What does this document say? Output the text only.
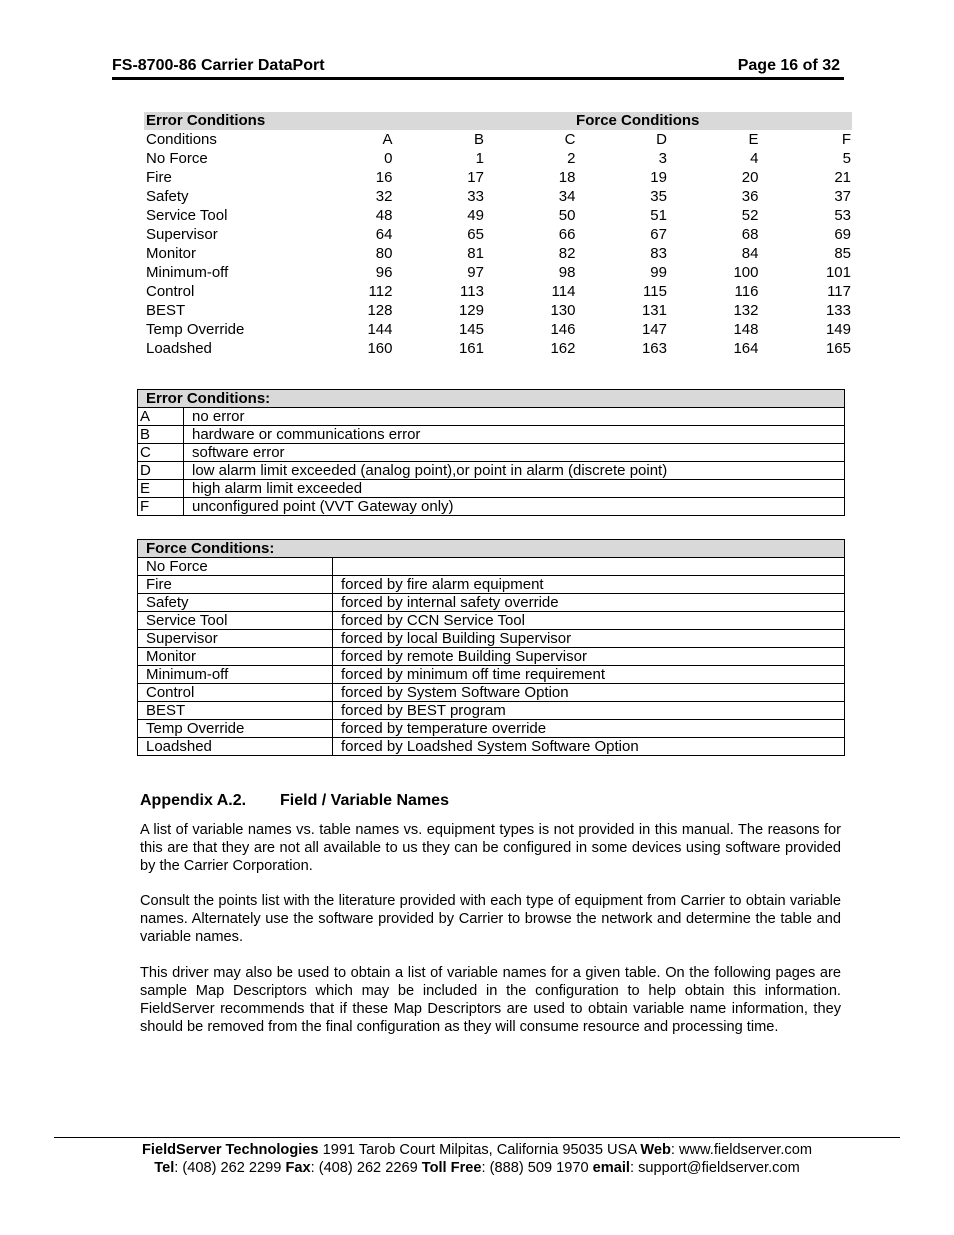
FS-8700-86 Carrier DataPort	Page 16 of 32
Error Conditions	Force Conditions					
Conditions	A	B	C	D	E	F
No Force	0	1	2	3	4	5
Fire	16	17	18	19	20	21
Safety	32	33	34	35	36	37
Service Tool	48	49	50	51	52	53
Supervisor	64	65	66	67	68	69
Monitor	80	81	82	83	84	85
Minimum-off	96	97	98	99	100	101
Control	112	113	114	115	116	117
BEST	128	129	130	131	132	133
Temp Override	144	145	146	147	148	149
Loadshed	160	161	162	163	164	165
Error Conditions:	
A	no error
B	hardware or communications error
C	software error
D	low alarm limit exceeded (analog point),or point in alarm (discrete point)
E	high alarm limit exceeded
F	unconfigured point (VVT Gateway only)
Force Conditions:	
No Force	
Fire	forced by fire alarm equipment
Safety	forced by internal safety override
Service Tool	forced by CCN Service Tool
Supervisor	forced by local Building Supervisor
Monitor	forced by remote Building Supervisor
Minimum-off	forced by minimum off time requirement
Control	forced by System Software Option
BEST	forced by BEST program
Temp Override	forced by temperature override
Loadshed	forced by Loadshed System Software Option
Appendix A.2. Field / Variable Names
A list of variable names vs. table names vs. equipment types is not provided in this manual. The reasons for this are that they are not all available to us they can be configured in some devices using software provided by the Carrier Corporation.
Consult the points list with the literature provided with each type of equipment from Carrier to obtain variable names. Alternately use the software provided by Carrier to browse the network and determine the table and variable names.
This driver may also be used to obtain a list of variable names for a given table. On the following pages are sample Map Descriptors which may be included in the configuration to help obtain this information. FieldServer recommends that if these Map Descriptors are used to obtain variable name information, they should be removed from the final configuration as they will consume resource and processing time.
FieldServer Technologies 1991 Tarob Court Milpitas, California 95035 USA Web: www.fieldserver.com
Tel: (408) 262 2299 Fax: (408) 262 2269 Toll Free: (888) 509 1970 email: support@fieldserver.com
